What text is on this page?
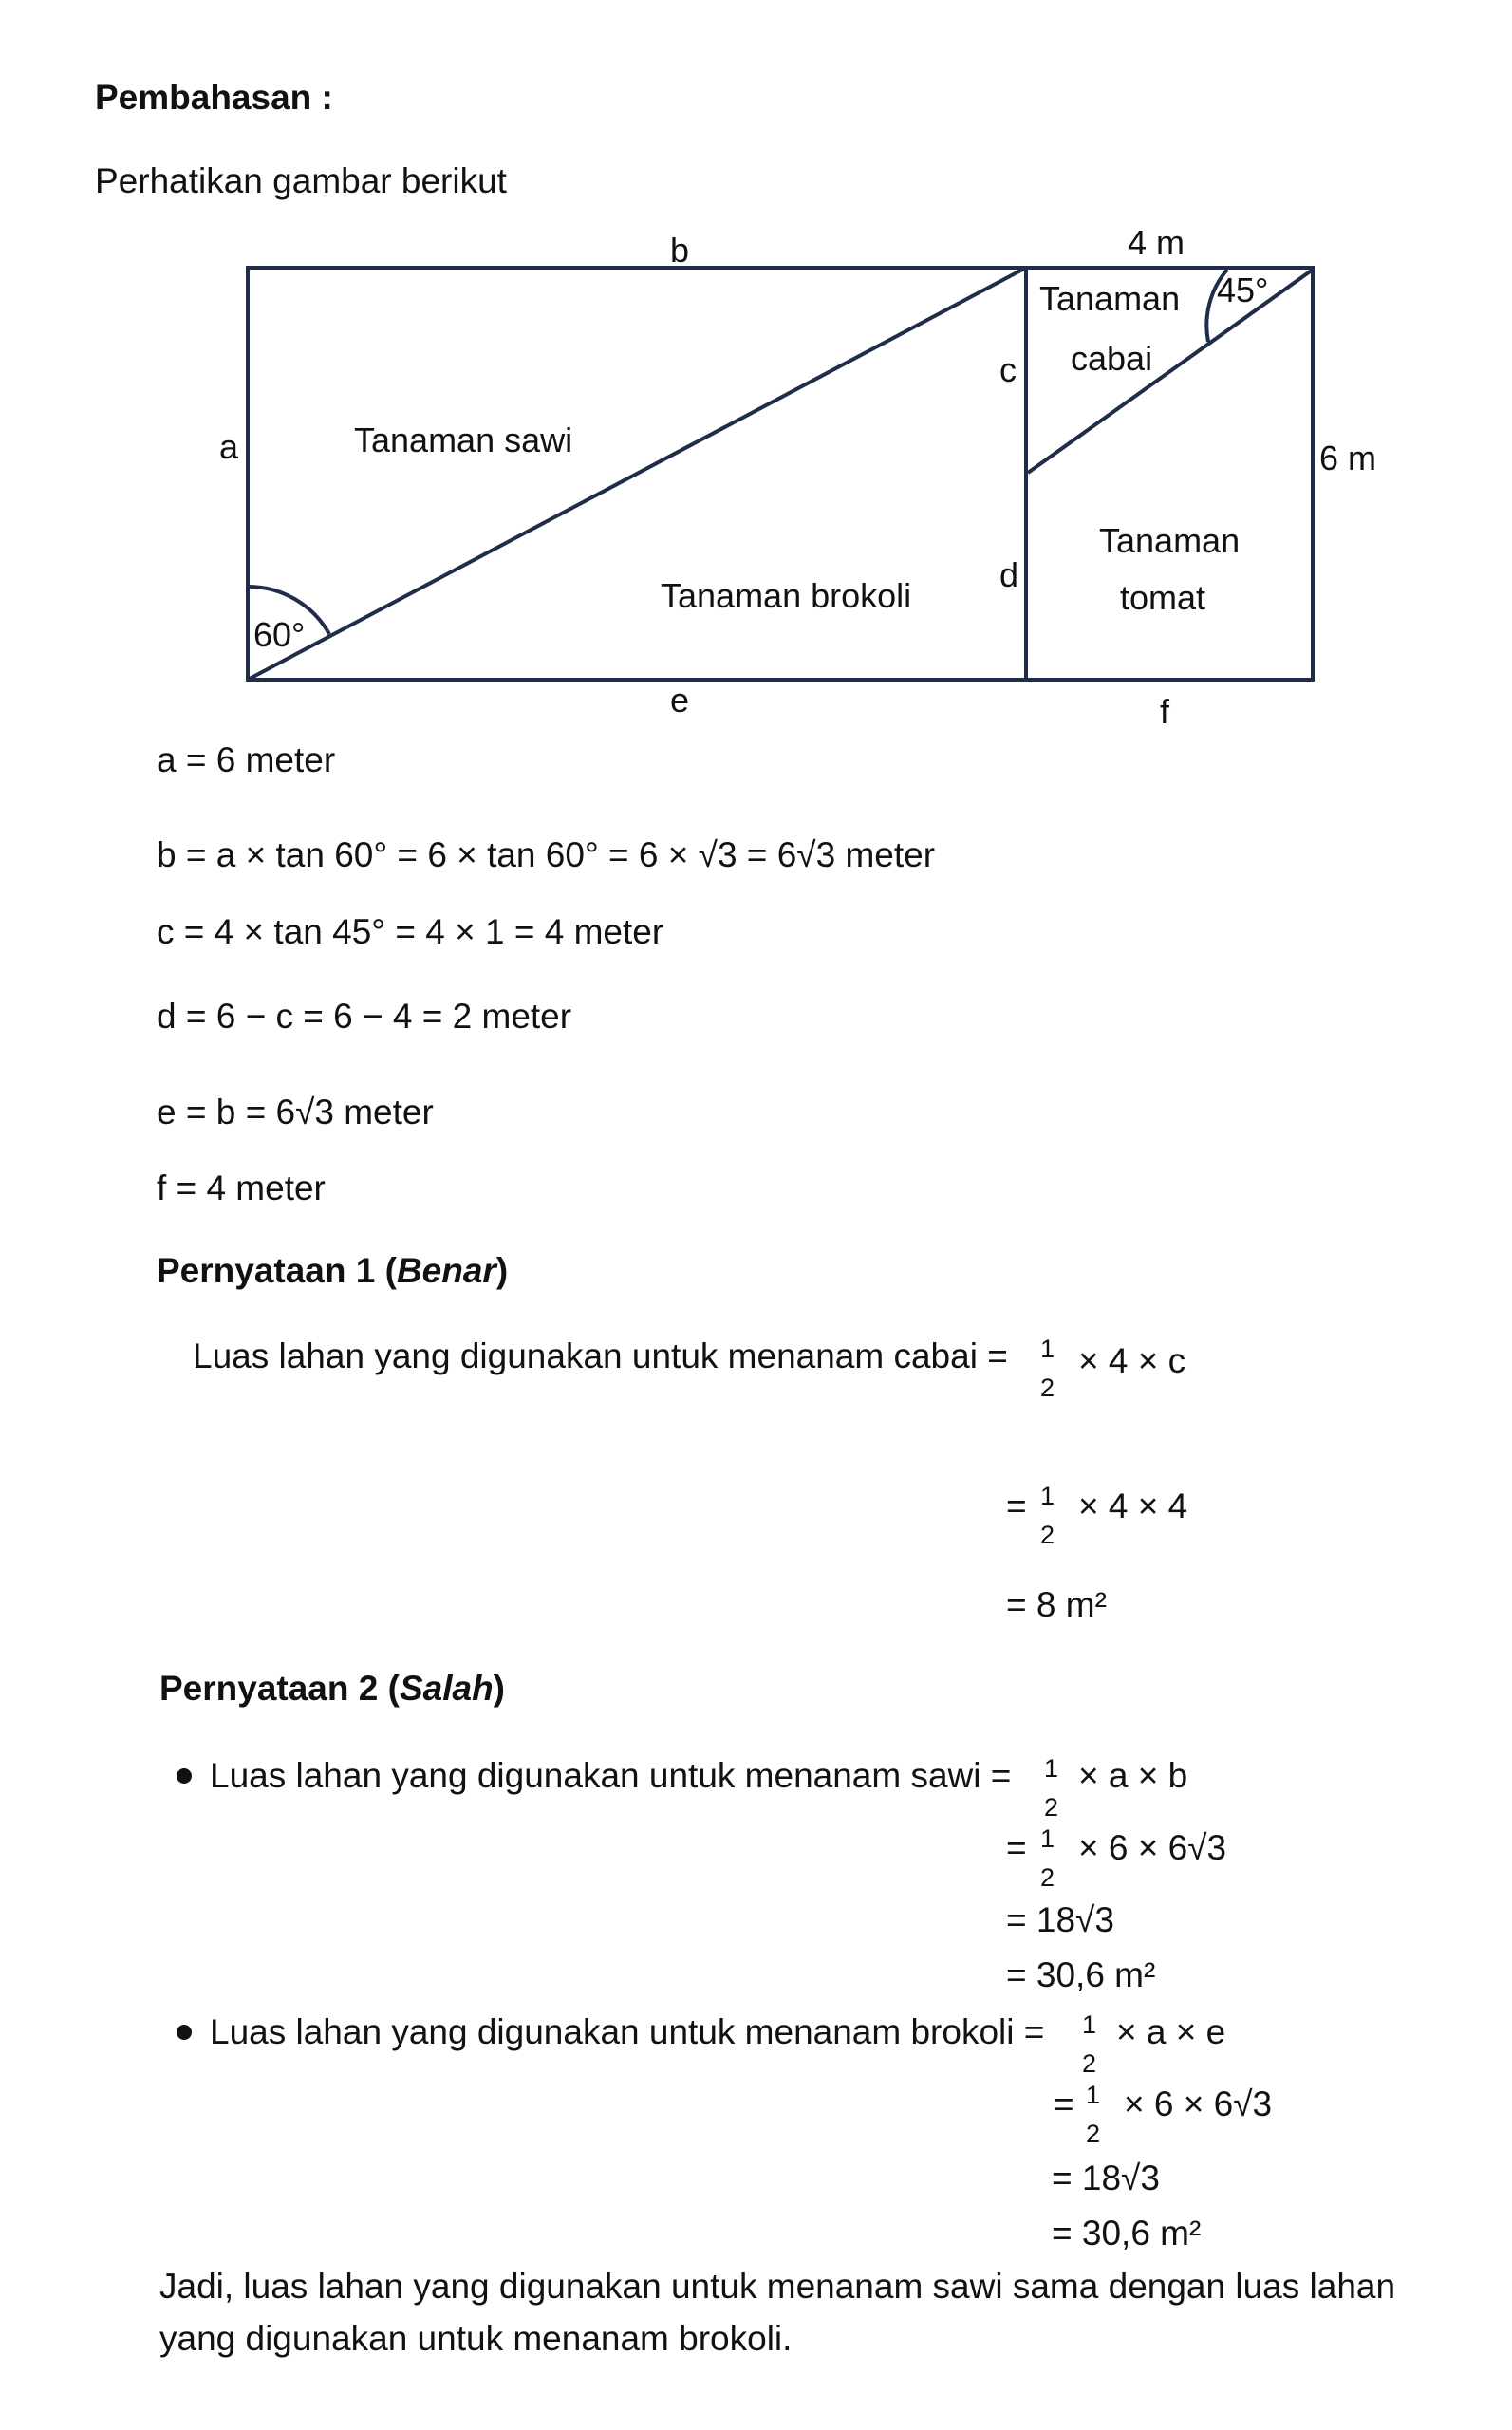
Pembahasan :
Perhatikan gambar berikut
b	4 m
45°
Tanaman
cabai
c
a	Tanaman sawi	6 m
Tanaman
tomat
d
Tanaman brokoli
60°
e	f
a = 6 meter
b = a × tan 60° = 6 × tan 60° = 6 × √3 = 6√3 meter
c = 4 × tan 45° = 4 × 1 = 4 meter
d = 6 − c = 6 − 4 = 2 meter
e = b = 6√3 meter
f = 4 meter
Pernyataan 1 (Benar)
Luas lahan yang digunakan untuk menanam cabai = 1
2
× 4 × c
= 1
2
× 4 × 4
= 8 m²
Pernyataan 2 (Salah)
Luas lahan yang digunakan untuk menanam sawi = 1
2
× a × b
= 1
2
× 6 × 6√3
= 18√3
= 30,6 m²
Luas lahan yang digunakan untuk menanam brokoli = 1
2
× a × e
= 1
2
× 6 × 6√3
= 18√3
= 30,6 m²
Jadi, luas lahan yang digunakan untuk menanam sawi sama dengan luas lahan
yang digunakan untuk menanam brokoli.
